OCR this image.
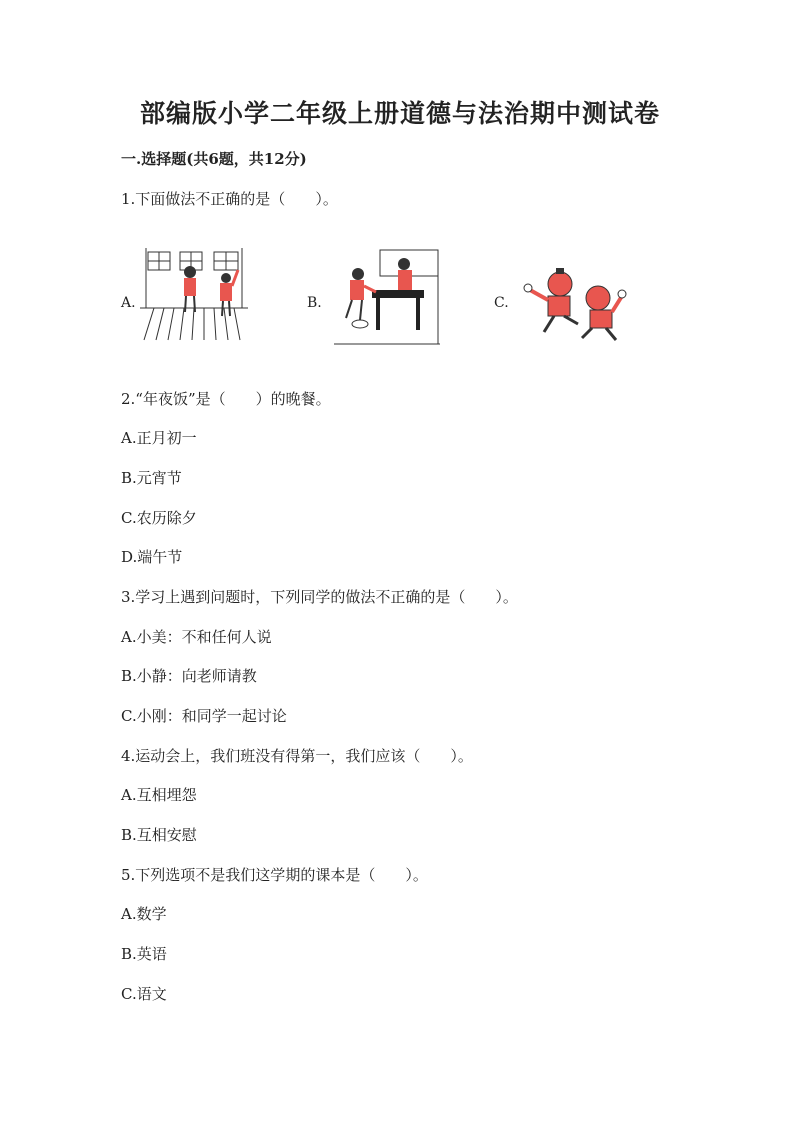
部编版小学二年级上册道德与法治期中测试卷
一.选择题(共6题，共12分)
1.下面做法不正确的是（　　）。
A.	B.	C.
2.“年夜饭”是（　　）的晚餐。
A.正月初一
B.元宵节
C.农历除夕
D.端午节
3.学习上遇到问题时，下列同学的做法不正确的是（　　）。
A.小美：不和任何人说
B.小静：向老师请教
C.小刚：和同学一起讨论
4.运动会上，我们班没有得第一，我们应该（　　）。
A.互相埋怨
B.互相安慰
5.下列选项不是我们这学期的课本是（　　）。
A.数学
B.英语
C.语文
